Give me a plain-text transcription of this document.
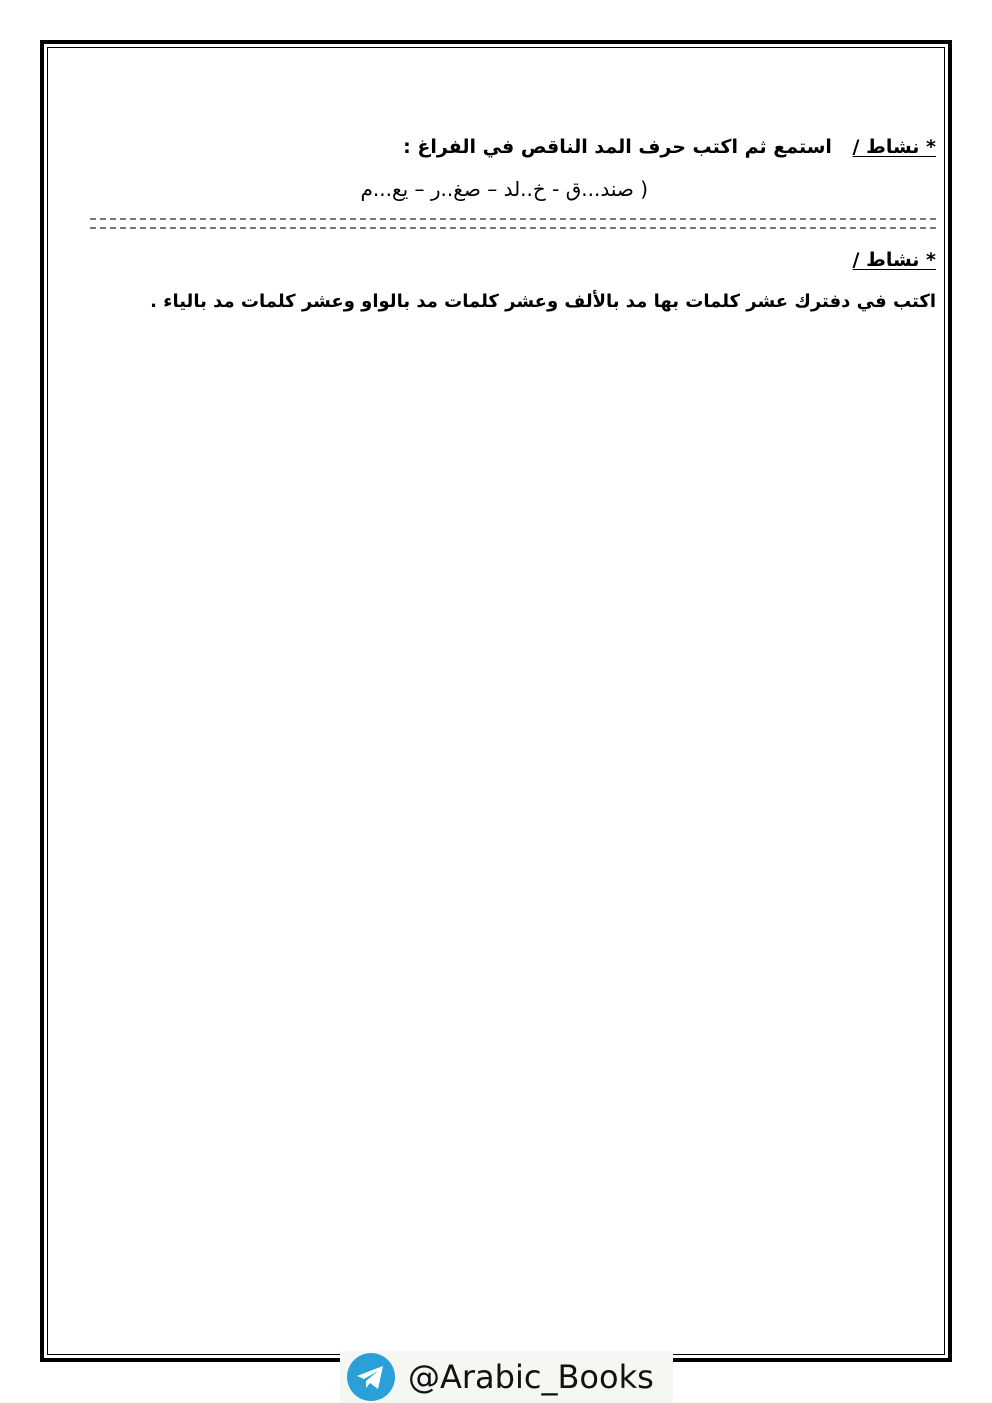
* نشاط / استمع ثم اكتب حرف المد الناقص في الفراغ :
( صند...ق - خ..لد – صغ..ر – يع...م
* نشاط /
اكتب في دفترك عشر كلمات بها مد بالألف وعشر كلمات مد بالواو وعشر كلمات مد بالياء .
@Arabic_Books
